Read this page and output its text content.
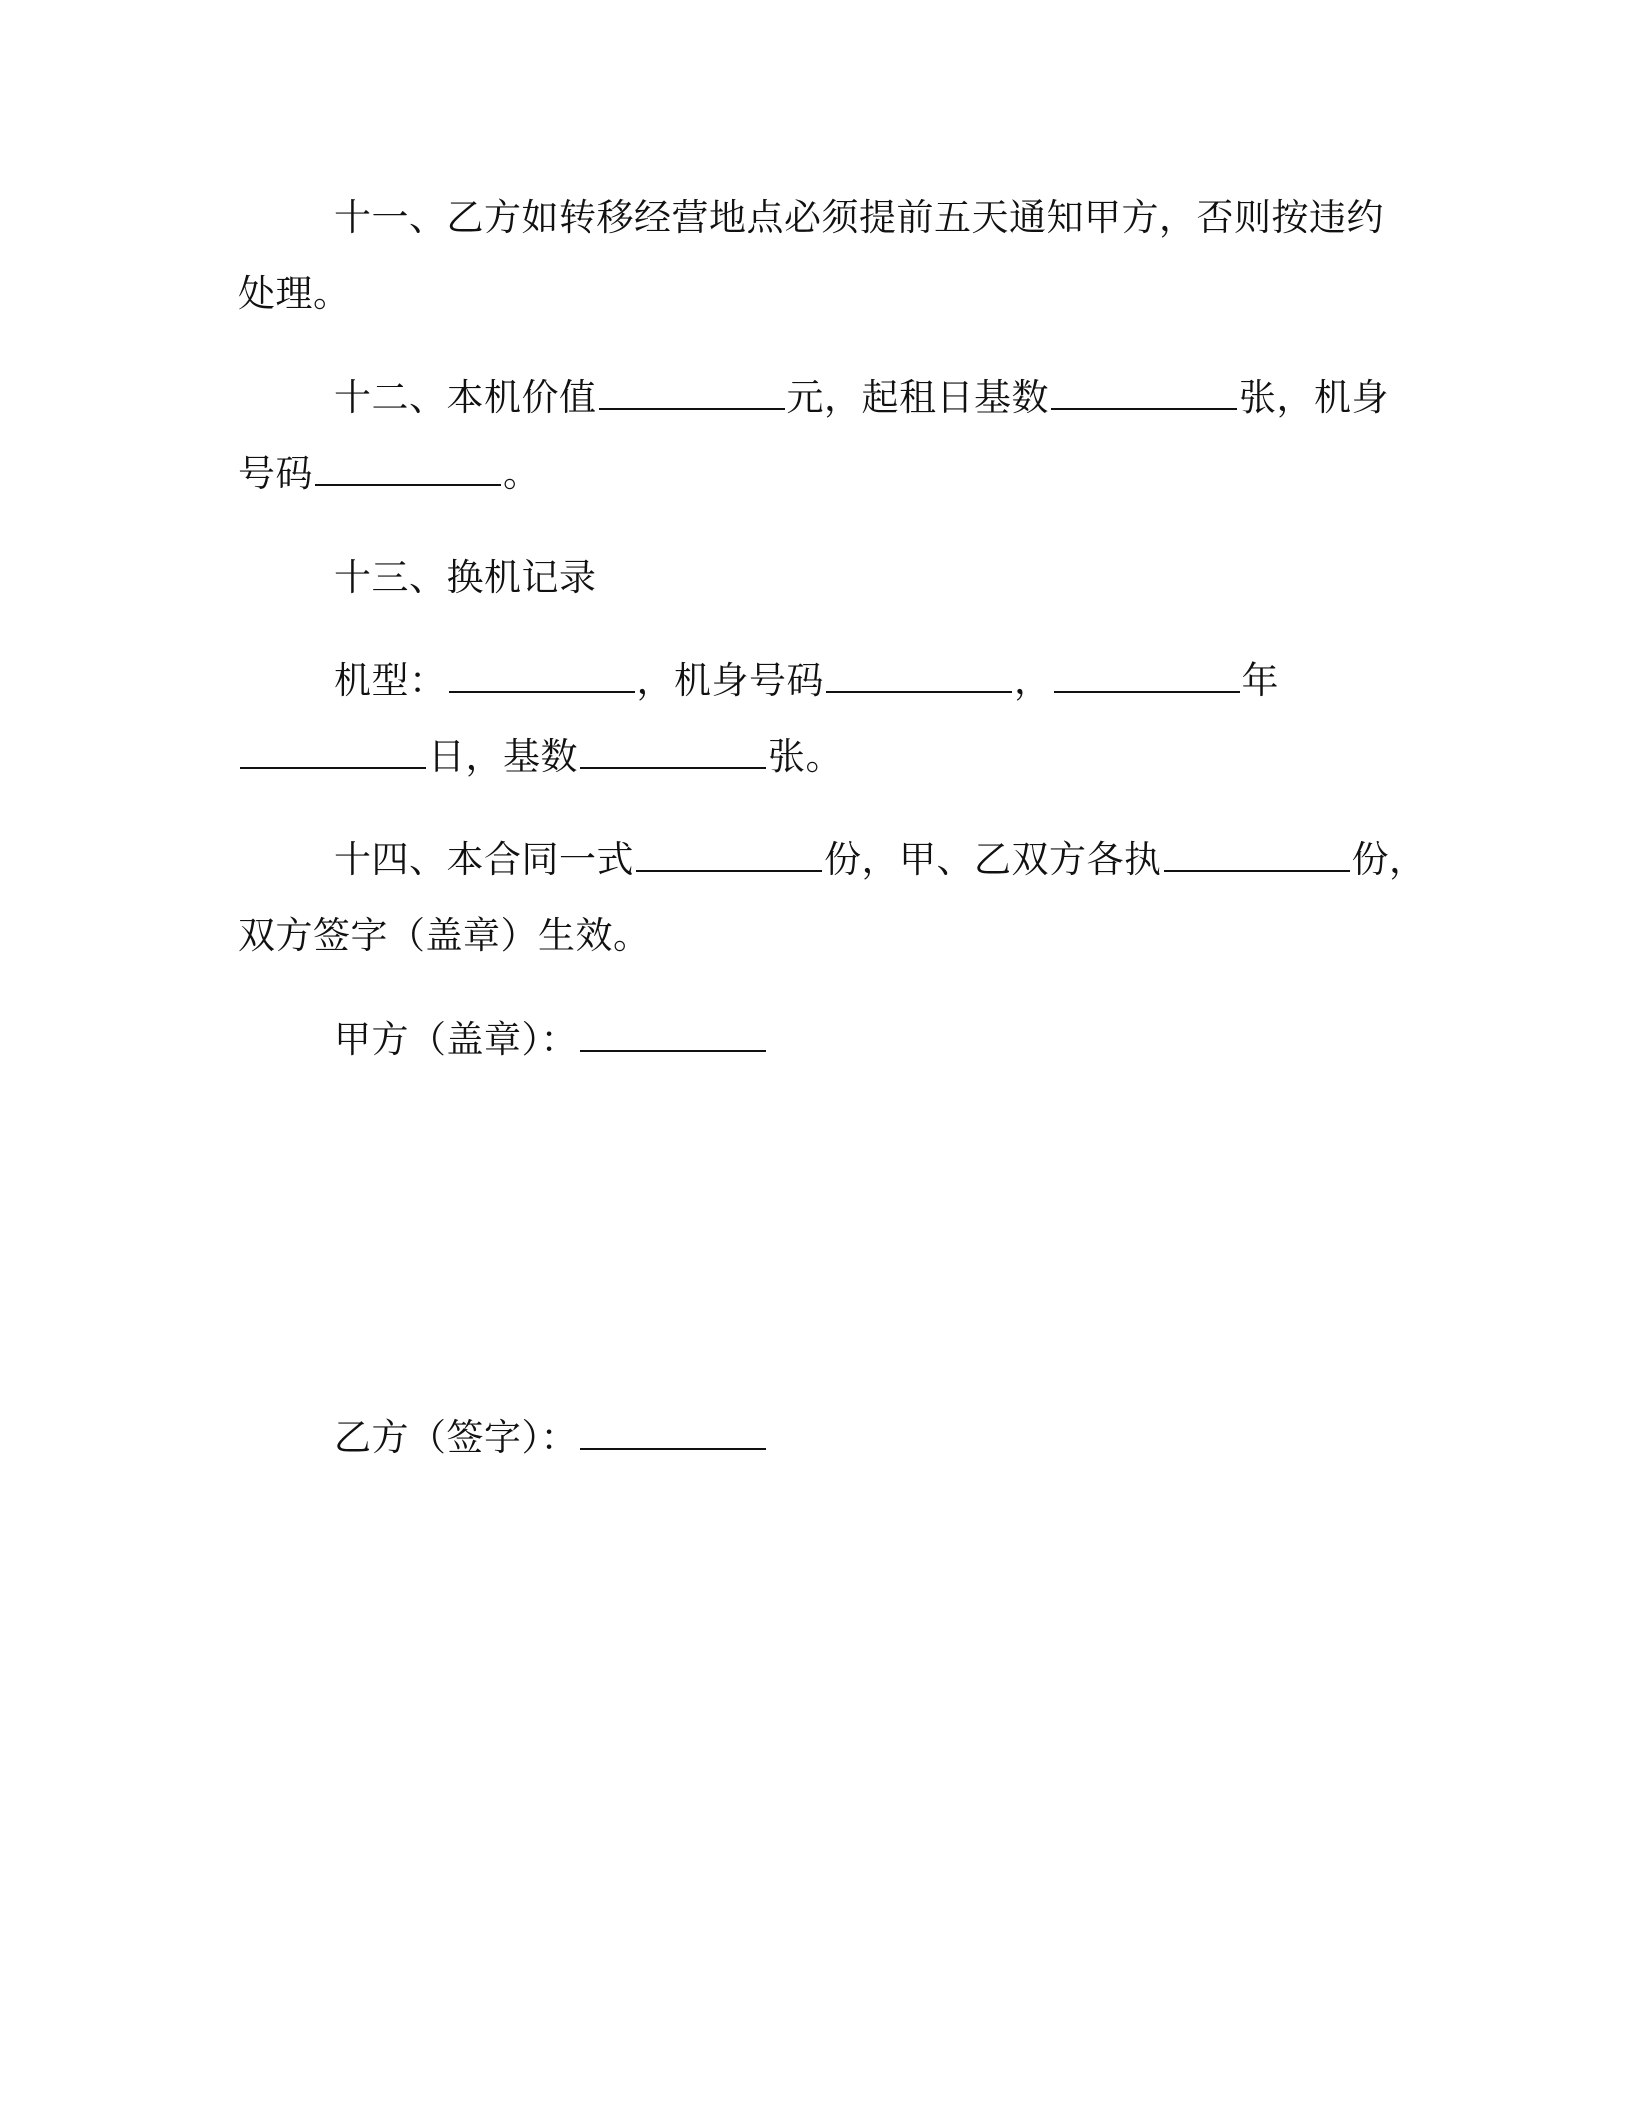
十一、乙方如转移经营地点必须提前五天通知甲方，否则按违约
处理。
十二、本机价值	元，起租日基数	张，机身
号码	。
十三、换机记录
机型：	，机身号码	，	年
日，基数	张。
十四、本合同一式	份，甲、乙双方各执	份，
双方签字（盖章）生效。
甲方（盖章）：
乙方（签字）：
